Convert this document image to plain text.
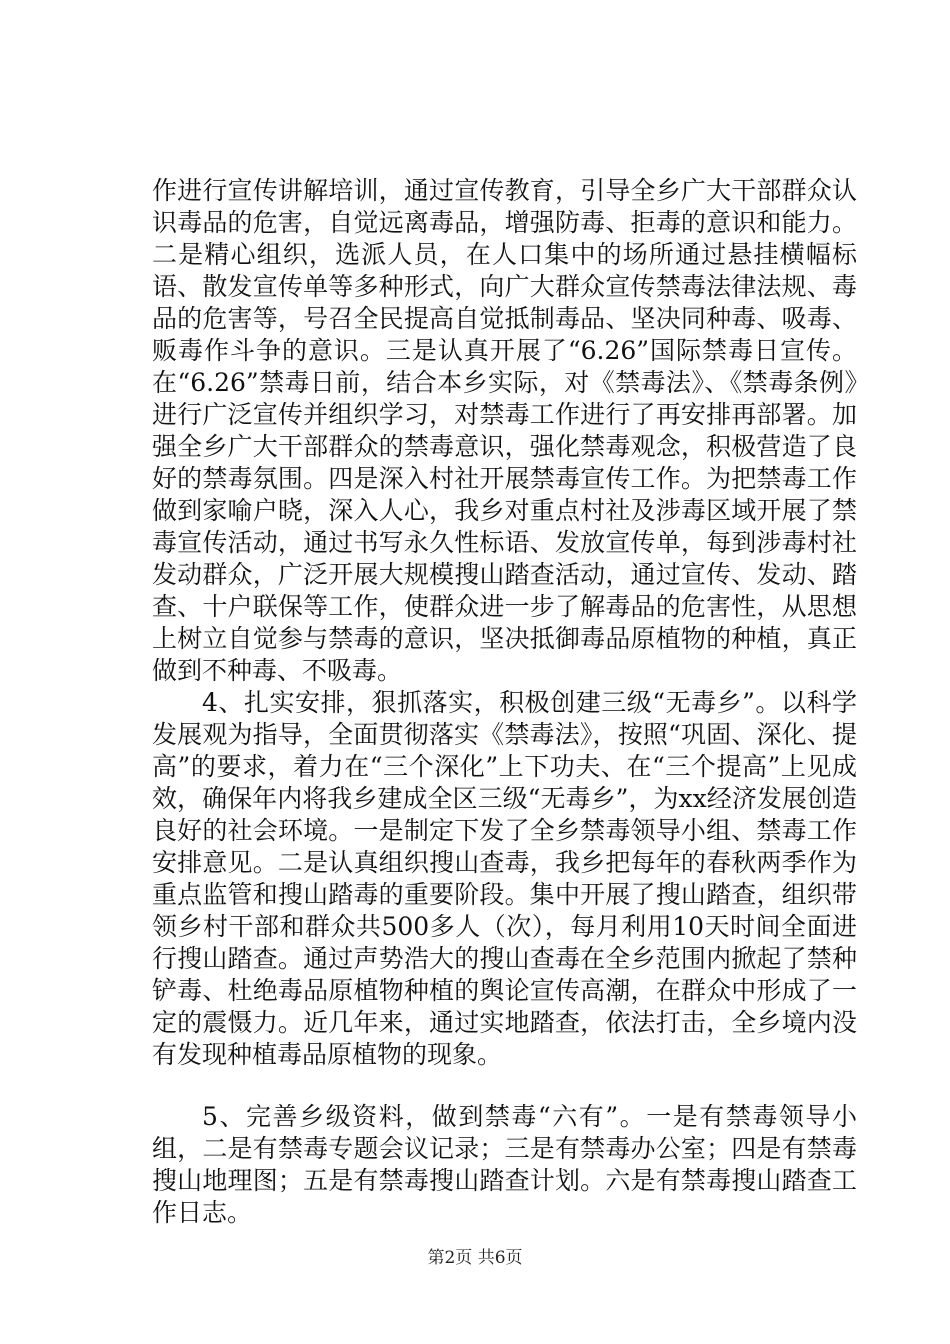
作进行宣传讲解培训，通过宣传教育，引导全乡广大干部群众认识毒品的危害，自觉远离毒品，增强防毒、拒毒的意识和能力。二是精心组织，选派人员，在人口集中的场所通过悬挂横幅标语、散发宣传单等多种形式，向广大群众宣传禁毒法律法规、毒品的危害等，号召全民提高自觉抵制毒品、坚决同种毒、吸毒、贩毒作斗争的意识。三是认真开展了“6.26”国际禁毒日宣传。在“6.26”禁毒日前，结合本乡实际，对《禁毒法》、《禁毒条例》进行广泛宣传并组织学习，对禁毒工作进行了再安排再部署。加强全乡广大干部群众的禁毒意识，强化禁毒观念，积极营造了良好的禁毒氛围。四是深入村社开展禁毒宣传工作。为把禁毒工作做到家喻户晓，深入人心，我乡对重点村社及涉毒区域开展了禁毒宣传活动，通过书写永久性标语、发放宣传单，每到涉毒村社发动群众，广泛开展大规模搜山踏查活动，通过宣传、发动、踏查、十户联保等工作，使群众进一步了解毒品的危害性，从思想上树立自觉参与禁毒的意识，坚决抵御毒品原植物的种植，真正做到不种毒、不吸毒。

4、扎实安排，狠抓落实，积极创建三级“无毒乡”。以科学发展观为指导，全面贯彻落实《禁毒法》，按照“巩固、深化、提高”的要求，着力在“三个深化”上下功夫、在“三个提高”上见成效，确保年内将我乡建成全区三级“无毒乡”，为xx经济发展创造良好的社会环境。一是制定下发了全乡禁毒领导小组、禁毒工作安排意见。二是认真组织搜山查毒，我乡把每年的春秋两季作为重点监管和搜山踏毒的重要阶段。集中开展了搜山踏查，组织带领乡村干部和群众共500多人（次），每月利用10天时间全面进行搜山踏查。通过声势浩大的搜山查毒在全乡范围内掀起了禁种铲毒、杜绝毒品原植物种植的舆论宣传高潮，在群众中形成了一定的震慑力。近几年来，通过实地踏查，依法打击，全乡境内没有发现种植毒品原植物的现象。

5、完善乡级资料，做到禁毒“六有”。一是有禁毒领导小组，二是有禁毒专题会议记录；三是有禁毒办公室；四是有禁毒搜山地理图；五是有禁毒搜山踏查计划。六是有禁毒搜山踏查工作日志。

第2页 共6页
